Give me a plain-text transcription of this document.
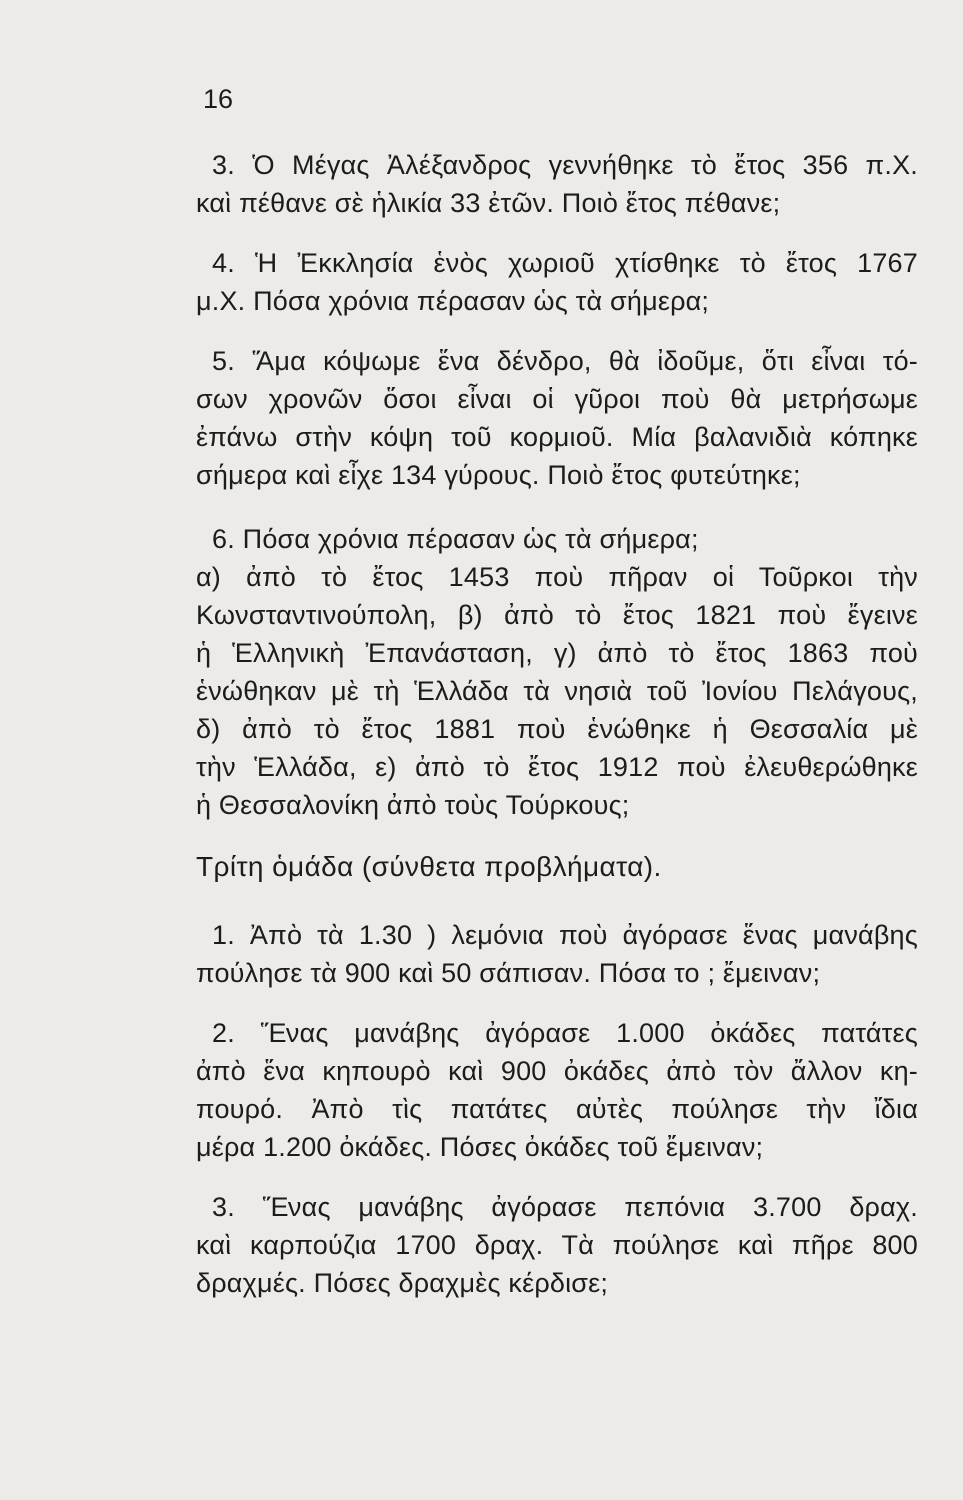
16
3. Ὁ Μέγας Ἀλέξανδρος γεννήθηκε τὸ ἔτος 356 π.Χ.
καὶ πέθανε σὲ ἡλικία 33 ἐτῶν. Ποιὸ ἔτος πέθανε;
4. Ἡ Ἐκκλησία ἑνὸς χωριοῦ χτίσθηκε τὸ ἔτος 1767
μ.Χ. Πόσα χρόνια πέρασαν ὡς τὰ σήμερα;
5. Ἅμα κόψωμε ἕνα δένδρο, θὰ ἰδοῦμε, ὅτι εἶναι τό-
σων χρονῶν ὅσοι εἶναι οἱ γῦροι ποὺ θὰ μετρήσωμε
ἐπάνω στὴν κόψη τοῦ κορμιοῦ. Μία βαλανιδιὰ κόπηκε
σήμερα καὶ εἶχε 134 γύρους. Ποιὸ ἔτος φυτεύτηκε;
6. Πόσα χρόνια πέρασαν ὡς τὰ σήμερα;
α) ἀπὸ τὸ ἔτος 1453 ποὺ πῆραν οἱ Τοῦρκοι τὴν
Κωνσταντινούπολη, β) ἀπὸ τὸ ἔτος 1821 ποὺ ἔγεινε
ἡ Ἑλληνικὴ Ἐπανάσταση, γ) ἀπὸ τὸ ἔτος 1863 ποὺ
ἑνώθηκαν μὲ τὴ Ἑλλάδα τὰ νησιὰ τοῦ Ἰονίου Πελάγους,
δ) ἀπὸ τὸ ἔτος 1881 ποὺ ἑνώθηκε ἡ Θεσσαλία μὲ
τὴν Ἑλλάδα, ε) ἀπὸ τὸ ἔτος 1912 ποὺ ἐλευθερώθηκε
ἡ Θεσσαλονίκη ἀπὸ τοὺς Τούρκους;
Τρίτη ὁμάδα (σύνθετα προβλήματα).
1. Ἀπὸ τὰ 1.30 ) λεμόνια ποὺ ἀγόρασε ἕνας μανάβης
πούλησε τὰ 900 καὶ 50 σάπισαν. Πόσα το ; ἔμειναν;
2. Ἕνας μανάβης ἀγόρασε 1.000 ὀκάδες πατάτες
ἀπὸ ἕνα κηπουρὸ καὶ 900 ὀκάδες ἀπὸ τὸν ἄλλον κη-
πουρό. Ἀπὸ τὶς πατάτες αὐτὲς πούλησε τὴν ἴδια
μέρα 1.200 ὀκάδες. Πόσες ὀκάδες τοῦ ἔμειναν;
3. Ἕνας μανάβης ἀγόρασε πεπόνια 3.700 δραχ.
καὶ καρπούζια 1700 δραχ. Τὰ πούλησε καὶ πῆρε 800
δραχμές. Πόσες δραχμὲς κέρδισε;
